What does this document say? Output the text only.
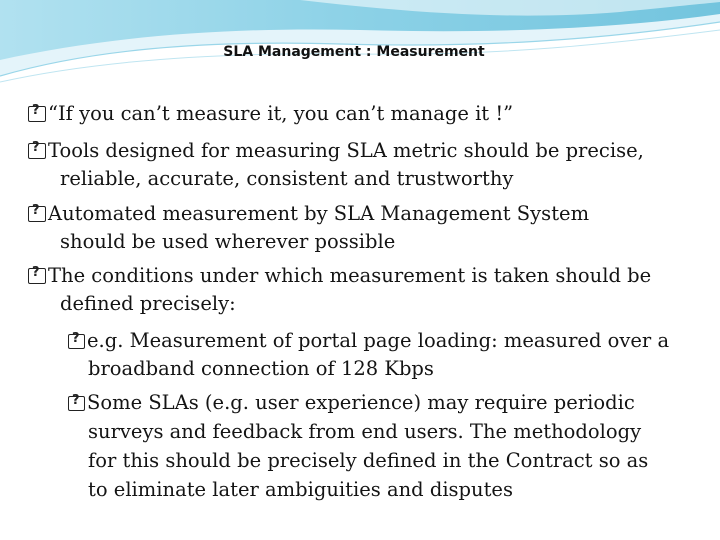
SLA Management : Measurement
?“If you can’t measure it, you can’t manage it !”
?Tools designed for measuring SLA metric should be precise,
reliable, accurate, consistent and trustworthy
?Automated measurement by SLA Management System
should be used wherever possible
?The conditions under which measurement is taken should be
defined precisely:
?e.g. Measurement of portal page loading: measured over a
broadband connection of 128 Kbps
?Some SLAs (e.g. user experience) may require periodic
surveys and feedback from end users. The methodology
for this should be precisely defined in the Contract so as
to eliminate later ambiguities and disputes
